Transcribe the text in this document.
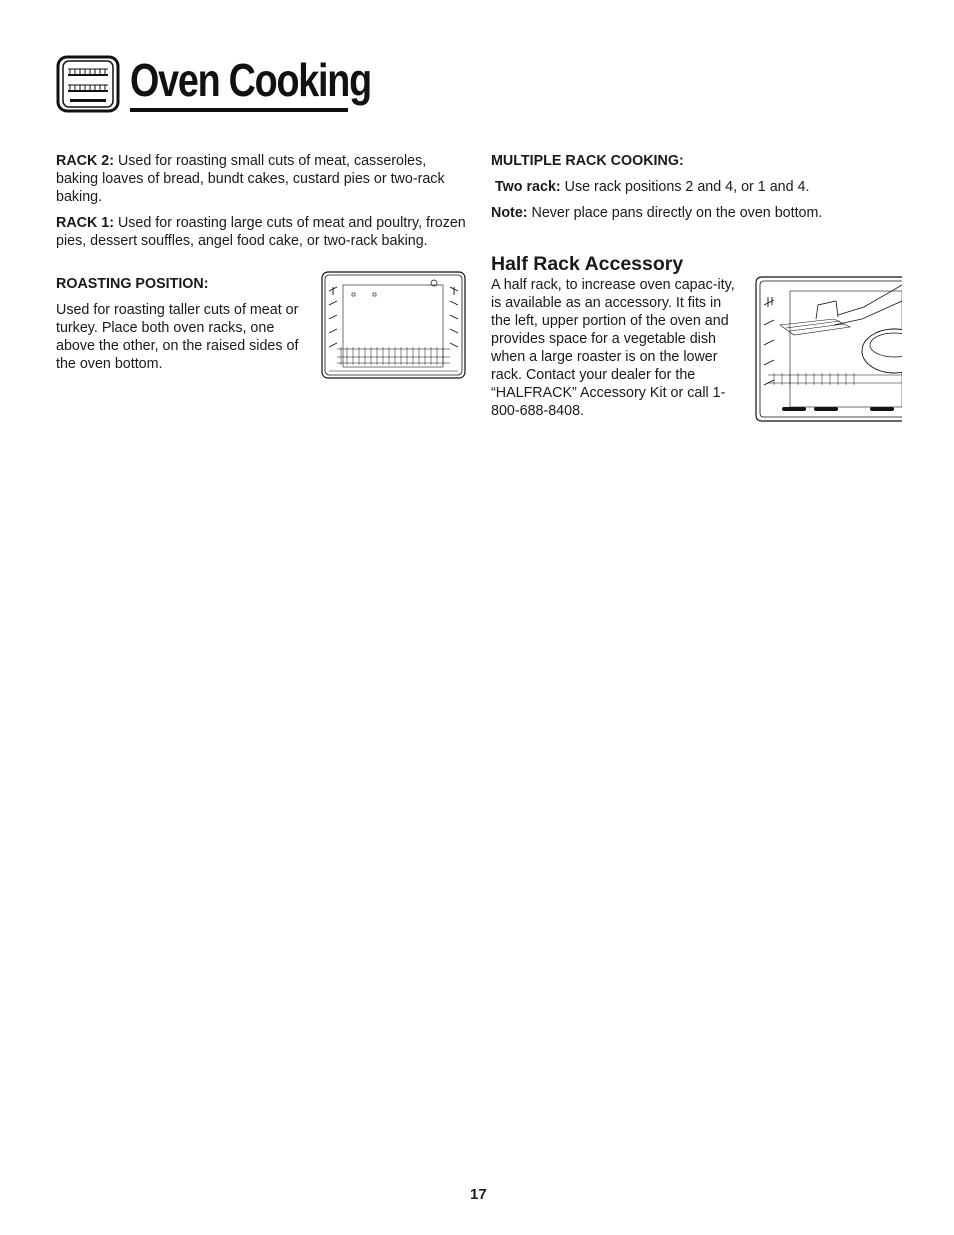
Oven Cooking
RACK 2: Used for roasting small cuts of meat, casseroles, baking loaves of bread, bundt cakes, custard pies or two-rack baking.
RACK 1: Used for roasting large cuts of meat and poultry, frozen pies, dessert souffles, angel food cake, or two-rack baking.
ROASTING POSITION:
Used for roasting taller cuts of meat or turkey. Place both oven racks, one above the other, on the raised sides of the oven bottom.
MULTIPLE RACK COOKING:
Two rack: Use rack positions 2 and 4, or 1 and 4.
Note: Never place pans directly on the oven bottom.
Half Rack Accessory
A half rack, to increase oven capac-ity, is available as an accessory. It fits in the left, upper portion of the oven and provides space for a vegetable dish when a large roaster is on the lower rack. Contact your dealer for the “HALFRACK” Accessory Kit or call 1-800-688-8408.
17
